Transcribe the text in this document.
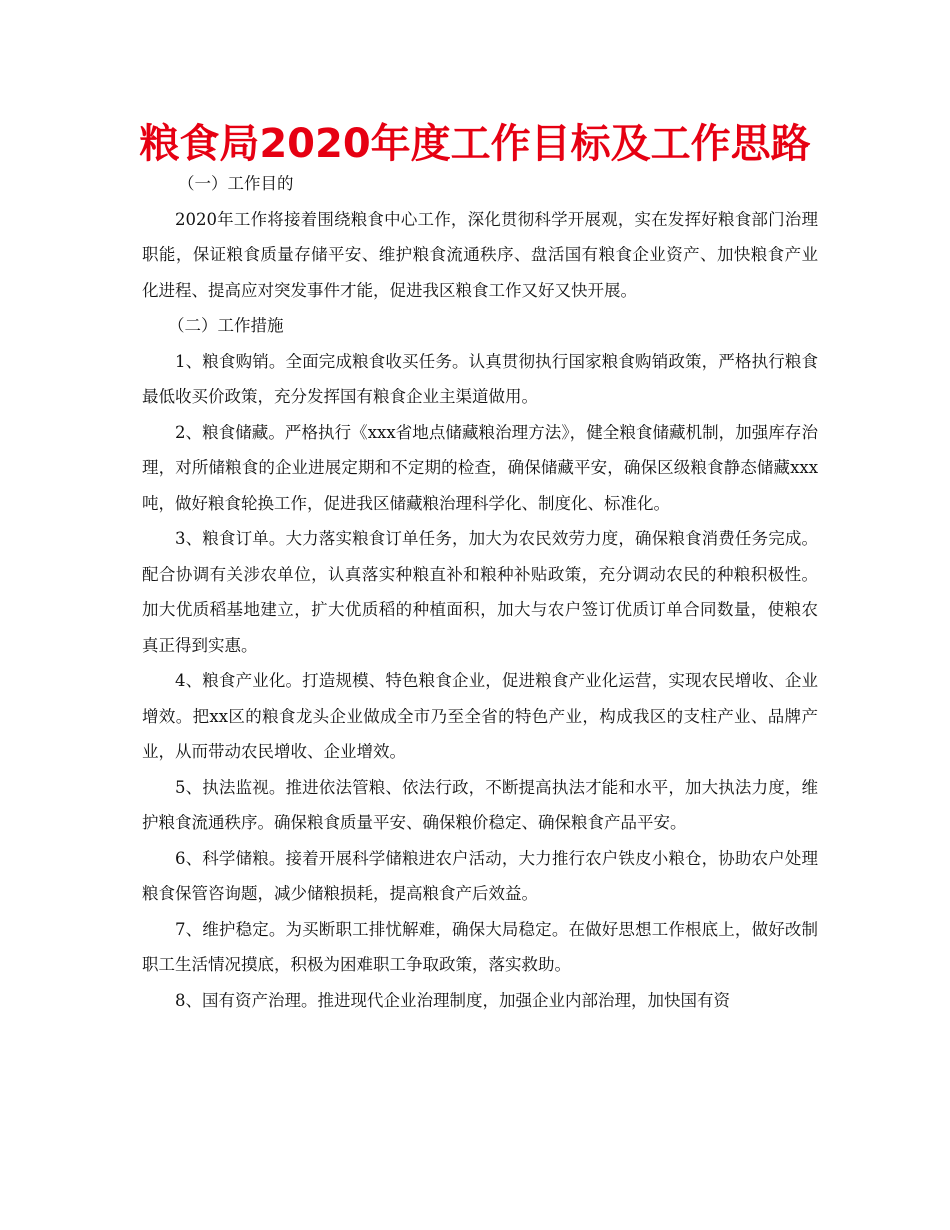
粮食局2020年度工作目标及工作思路

（一）工作目的

2020年工作将接着围绕粮食中心工作，深化贯彻科学开展观，实在发挥好粮食部门治理职能，保证粮食质量存储平安、维护粮食流通秩序、盘活国有粮食企业资产、加快粮食产业化进程、提高应对突发事件才能，促进我区粮食工作又好又快开展。

（二）工作措施

1、粮食购销。全面完成粮食收买任务。认真贯彻执行国家粮食购销政策，严格执行粮食最低收买价政策，充分发挥国有粮食企业主渠道做用。

2、粮食储藏。严格执行《xxx省地点储藏粮治理方法》，健全粮食储藏机制，加强库存治理，对所储粮食的企业进展定期和不定期的检查，确保储藏平安，确保区级粮食静态储藏xxx吨，做好粮食轮换工作，促进我区储藏粮治理科学化、制度化、标准化。

3、粮食订单。大力落实粮食订单任务，加大为农民效劳力度，确保粮食消费任务完成。配合协调有关涉农单位，认真落实种粮直补和粮种补贴政策，充分调动农民的种粮积极性。加大优质稻基地建立，扩大优质稻的种植面积，加大与农户签订优质订单合同数量，使粮农真正得到实惠。

4、粮食产业化。打造规模、特色粮食企业，促进粮食产业化运营，实现农民增收、企业增效。把xx区的粮食龙头企业做成全市乃至全省的特色产业，构成我区的支柱产业、品牌产业，从而带动农民增收、企业增效。

5、执法监视。推进依法管粮、依法行政，不断提高执法才能和水平，加大执法力度，维护粮食流通秩序。确保粮食质量平安、确保粮价稳定、确保粮食产品平安。

6、科学储粮。接着开展科学储粮进农户活动，大力推行农户铁皮小粮仓，协助农户处理粮食保管咨询题，减少储粮损耗，提高粮食产后效益。

7、维护稳定。为买断职工排忧解难，确保大局稳定。在做好思想工作根底上，做好改制职工生活情况摸底，积极为困难职工争取政策，落实救助。

8、国有资产治理。推进现代企业治理制度，加强企业内部治理，加快国有资
